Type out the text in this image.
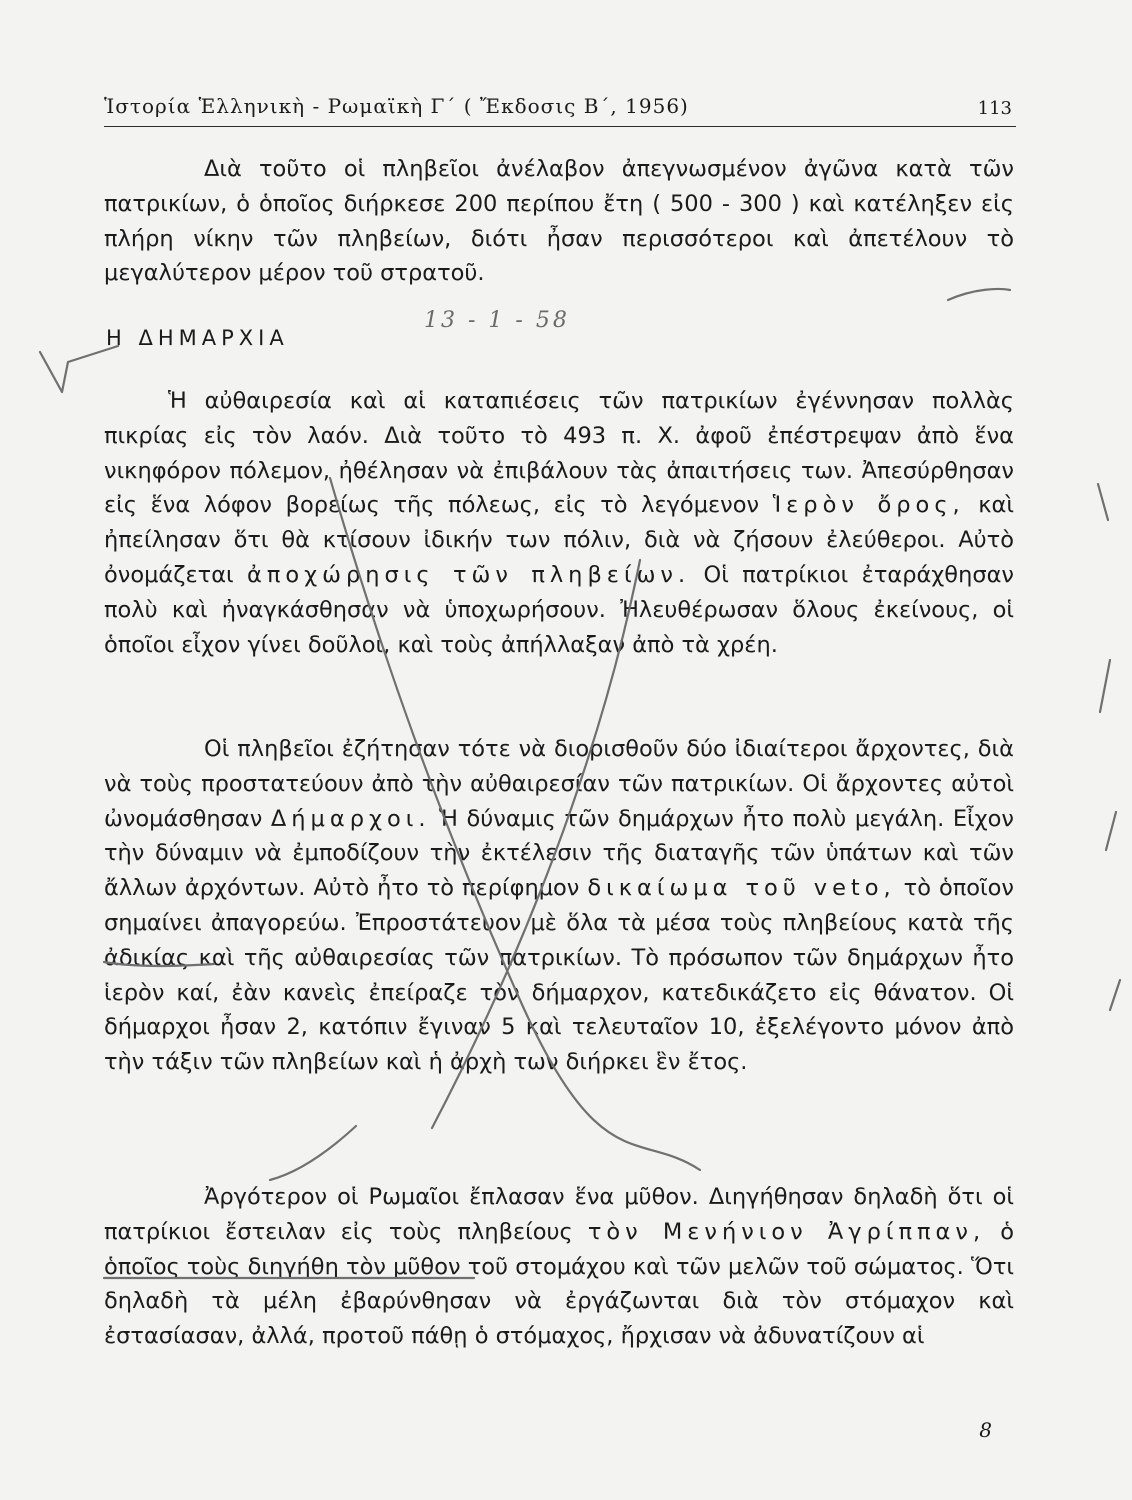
Ἱστορία Ἑλληνικὴ - Ρωμαϊκὴ Γ΄ ( Ἔκδοσις Β΄, 1956)	113

Διὰ τοῦτο οἱ πληβεῖοι ἀνέλαβον ἀπεγνωσμένον ἀγῶνα κατὰ τῶν πατρικίων, ὁ ὁποῖος διήρκεσε 200 περίπου ἔτη ( 500 - 300 ) καὶ κατέληξεν εἰς πλήρη νίκην τῶν πληβείων, διότι ἦσαν περισσότεροι καὶ ἀπετέλουν τὸ μεγαλύτερον μέρον τοῦ στρατοῦ.

Η ΔΗΜΑΡΧΙΑ
13 - 1 - 58

Ἡ αὐθαιρεσία καὶ αἱ καταπιέσεις τῶν πατρικίων ἐγέννησαν πολλὰς πικρίας εἰς τὸν λαόν. Διὰ τοῦτο τὸ 493 π. Χ. ἀφοῦ ἐπέστρεψαν ἀπὸ ἕνα νικηφόρον πόλεμον, ἠθέλησαν νὰ ἐπιβάλουν τὰς ἀπαιτήσεις των. Ἀπεσύρθησαν εἰς ἕνα λόφον βορείως τῆς πόλεως, εἰς τὸ λεγόμενον Ἱερὸν ὄρος, καὶ ἠπείλησαν ὅτι θὰ κτίσουν ἰδικήν των πόλιν, διὰ νὰ ζήσουν ἐλεύθεροι. Αὐτὸ ὀνομάζεται ἀποχώρησις τῶν πληβείων. Οἱ πατρίκιοι ἐταράχθησαν πολὺ καὶ ἠναγκάσθησαν νὰ ὑποχωρήσουν. Ἠλευθέρωσαν ὅλους ἐκείνους, οἱ ὁποῖοι εἶχον γίνει δοῦλοι, καὶ τοὺς ἀπήλλαξαν ἀπὸ τὰ χρέη.

Οἱ πληβεῖοι ἐζήτησαν τότε νὰ διορισθοῦν δύο ἰδιαίτεροι ἄρχοντες, διὰ νὰ τοὺς προστατεύουν ἀπὸ τὴν αὐθαιρεσίαν τῶν πατρικίων. Οἱ ἄρχοντες αὐτοὶ ὠνομάσθησαν Δήμαρχοι. Ἡ δύναμις τῶν δημάρχων ἦτο πολὺ μεγάλη. Εἶχον τὴν δύναμιν νὰ ἐμποδίζουν τὴν ἐκτέλεσιν τῆς διαταγῆς τῶν ὑπάτων καὶ τῶν ἄλλων ἀρχόντων. Αὐτὸ ἦτο τὸ περίφημον δικαίωμα τοῦ veto, τὸ ὁποῖον σημαίνει ἀπαγορεύω. Ἐπροστάτευον μὲ ὅλα τὰ μέσα τοὺς πληβείους κατὰ τῆς ἀδικίας καὶ τῆς αὐθαιρεσίας τῶν πατρικίων. Τὸ πρόσωπον τῶν δημάρχων ἦτο ἱερὸν καί, ἐὰν κανεὶς ἐπείραζε τὸν δήμαρχον, κατεδικάζετο εἰς θάνατον. Οἱ δήμαρχοι ἦσαν 2, κατόπιν ἔγιναν 5 καὶ τελευταῖον 10, ἐξελέγοντο μόνον ἀπὸ τὴν τάξιν τῶν πληβείων καὶ ἡ ἀρχὴ των διήρκει ἓν ἔτος.

Ἀργότερον οἱ Ρωμαῖοι ἔπλασαν ἕνα μῦθον. Διηγήθησαν δηλαδὴ ὅτι οἱ πατρίκιοι ἔστειλαν εἰς τοὺς πληβείους τὸν Μενήνιον Ἀγρίππαν, ὁ ὁποῖος τοὺς διηγήθη τὸν μῦθον τοῦ στομάχου καὶ τῶν μελῶν τοῦ σώματος. Ὅτι δηλαδὴ τὰ μέλη ἐβαρύνθησαν νὰ ἐργάζωνται διὰ τὸν στόμαχον καὶ ἐστασίασαν, ἀλλά, προτοῦ πάθῃ ὁ στόμαχος, ἤρχισαν νὰ ἀδυνατίζουν αἱ

8
